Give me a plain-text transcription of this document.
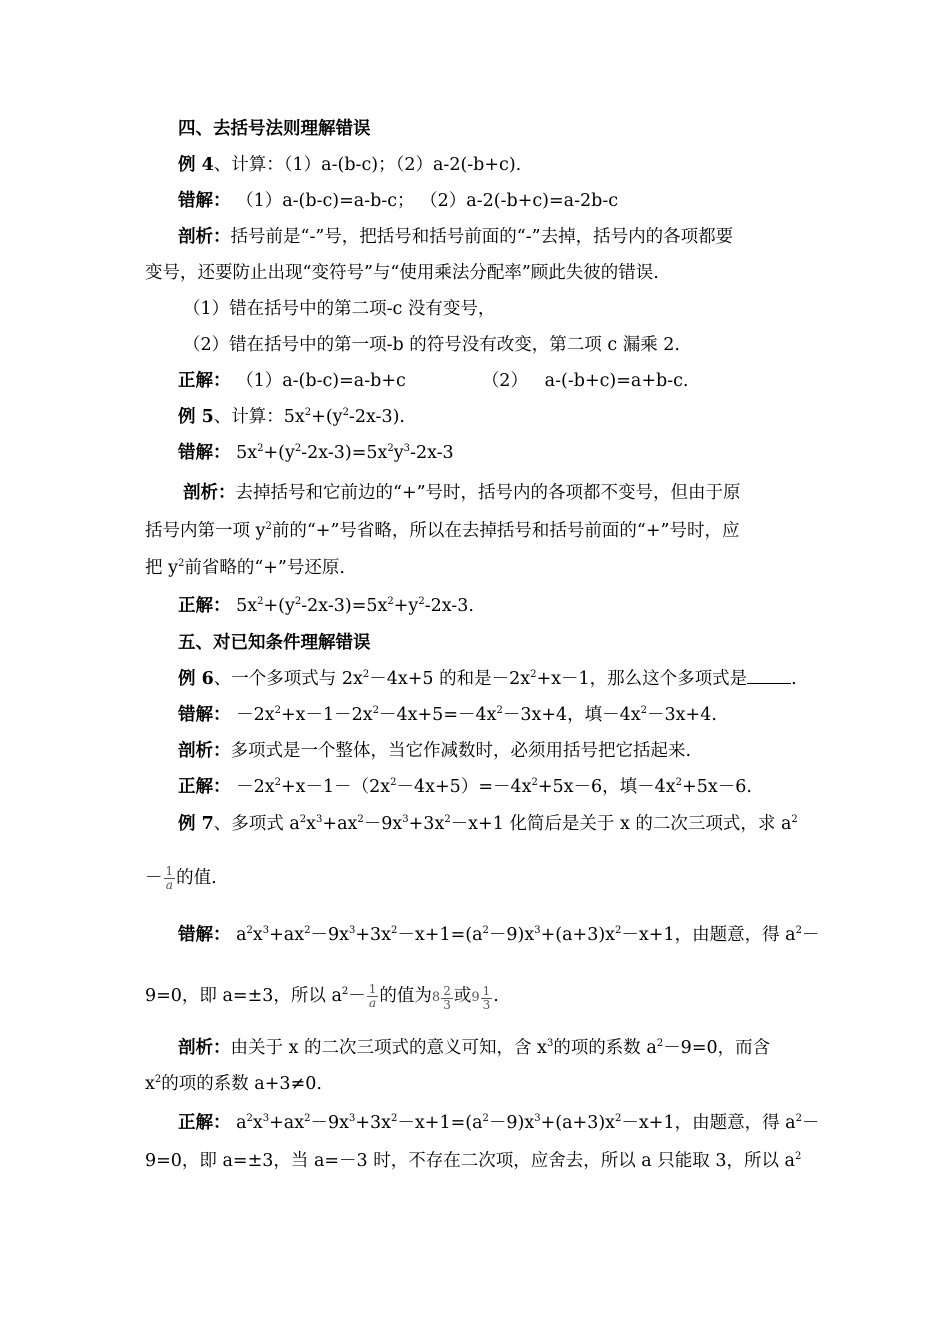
四、去括号法则理解错误
例 4、计算：（1）a-(b-c)；（2）a-2(-b+c).
错解： （1）a-(b-c)=a-b-c； （2）a-2(-b+c)=a-2b-c
剖析：括号前是“-”号，把括号和括号前面的“-”去掉，括号内的各项都要
变号，还要防止出现“变符号”与“使用乘法分配率”顾此失彼的错误.
（1）错在括号中的第二项-c 没有变号，
（2）错在括号中的第一项-b 的符号没有改变，第二项 c 漏乘 2.
正解： （1）a-(b-c)=a-b+c	（2） a-(-b+c)=a+b-c.
例 5、计算：$5x^2+(y^2-2x-3)$.
错解： $5x^2+(y^2-2x-3)=5x^2y^3-2x-3$
剖析：去掉括号和它前边的“+”号时，括号内的各项都不变号，但由于原
括号内第一项 $y^2$前的“+”号省略，所以在去掉括号和括号前面的“+”号时，应
把 $y^2$前省略的“+”号还原.
正解： $5x^2+(y^2-2x-3)=5x^2+y^2-2x-3$.
五、对已知条件理解错误
例 6、一个多项式与 $2x^2-4x+5$ 的和是$-2x^2+x-1$，那么这个多项式是	.
错解： $-2x^2+x-1-2x^2-4x+5=-4x^2-3x+4$，填$-4x^2-3x+4$.
剖析：多项式是一个整体，当它作减数时，必须用括号把它括起来.
正解： $-2x^2+x-1-(2x^2-4x+5)=-4x^2+5x-6$，填$-4x^2+5x-6$.
例 7、多项式 $a^2x^3+ax^2-9x^3+3x^2-x+1$ 化简后是关于 x 的二次三项式，求 $a^2$
－ $\frac{1}{a}$ 的值.
错解： $a^2x^3+ax^2-9x^3+3x^2-x+1=(a^2-9)x^3+(a+3)x^2-x+1$，由题意，得 $a^2-$
9=0，即 a=±3，所以 $a^2- \frac{1}{a}$ 的值为 $8 \frac{2}{3}$ 或 $9 \frac{1}{3}$ .
剖析：由关于 x 的二次三项式的意义可知，含 $x^3$的项的系数 $a^2-9=0$，而含
$x^2$的项的系数 a+3≠0.
正解： $a^2x^3+ax^2-9x^3+3x^2-x+1=(a^2-9)x^3+(a+3)x^2-x+1$，由题意，得 $a^2-$
9=0，即 a=±3，当 a=－3 时，不存在二次项，应舍去，所以 a 只能取 3，所以 $a^2$
